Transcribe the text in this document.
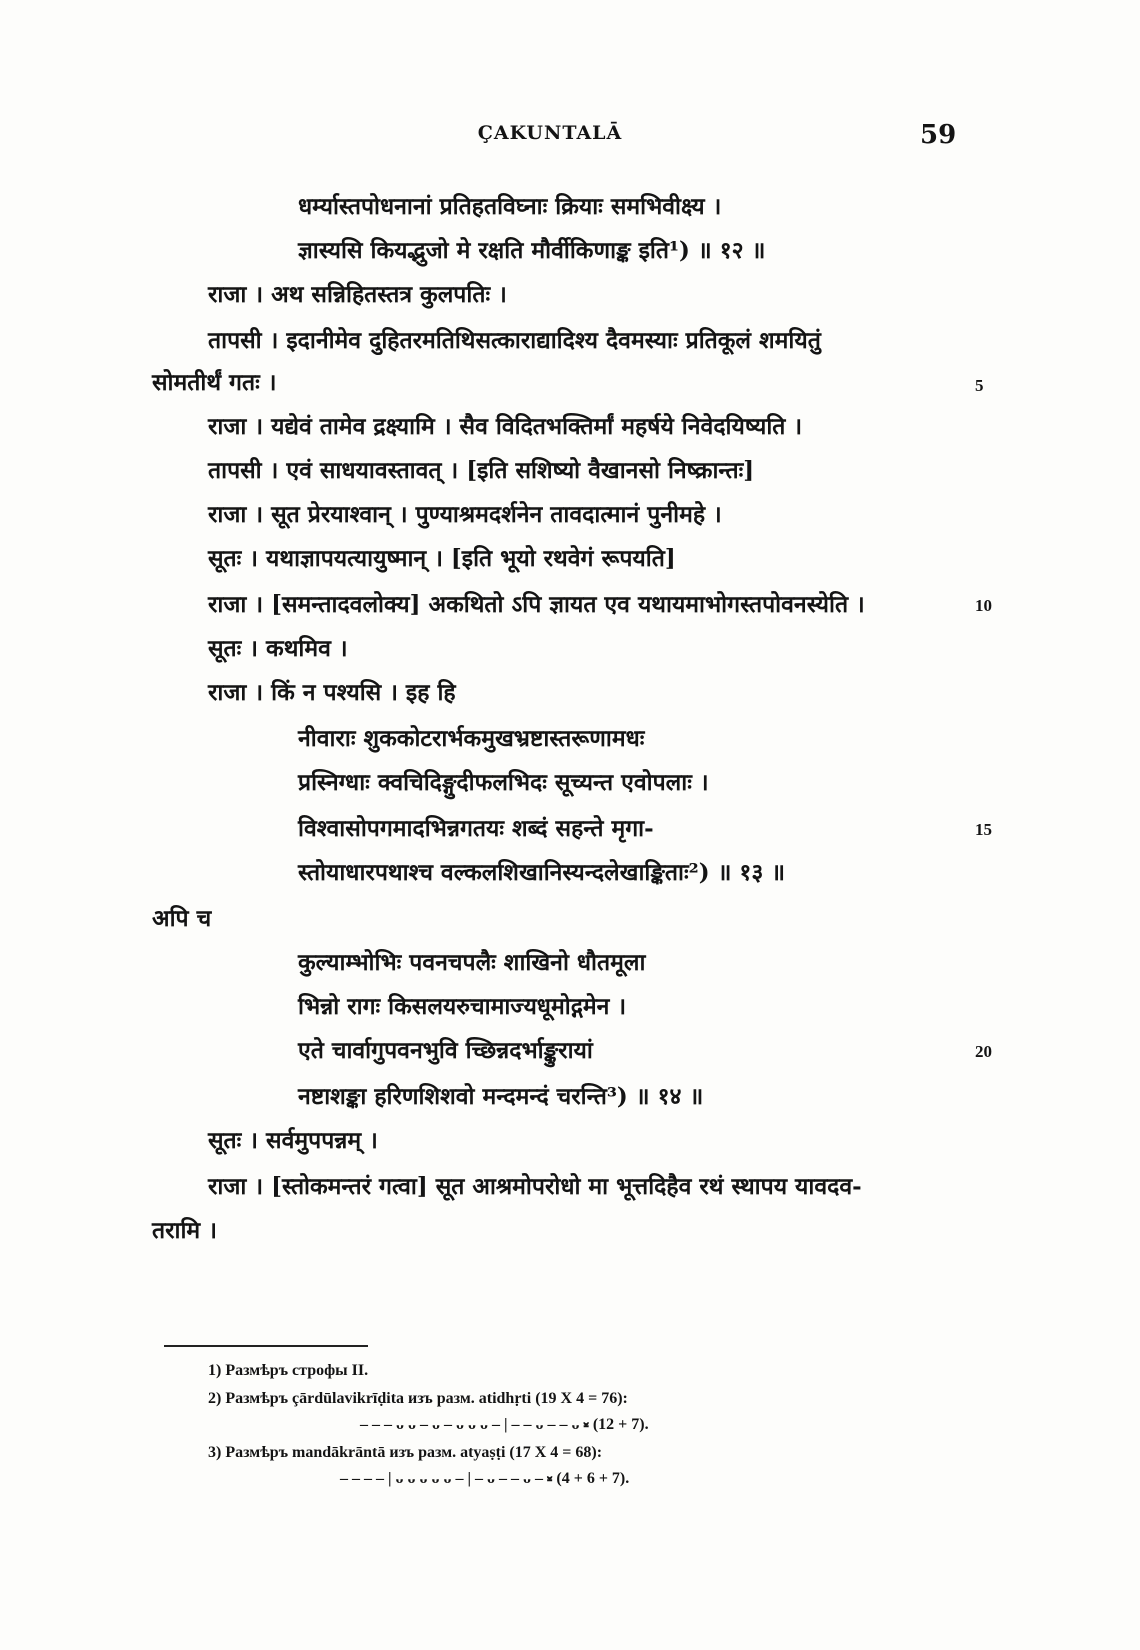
ÇAKUNTALĀ	59
धर्म्यास्तपोधनानां प्रतिहतविघ्नाः क्रियाः समभिवीक्ष्य ।
ज्ञास्यसि कियद्भुजो मे रक्षति मौर्वीकिणाङ्क इति¹) ॥ १२ ॥
राजा । अथ सन्निहितस्तत्र कुलपतिः ।
तापसी । इदानीमेव दुहितरमतिथिसत्काराद्यादिश्य दैवमस्याः प्रतिकूलं शमयितुं
सोमतीर्थं गतः ।
राजा । यद्येवं तामेव द्रक्ष्यामि । सैव विदितभक्तिर्मां महर्षये निवेदयिष्यति ।
तापसी । एवं साधयावस्तावत् । [इति सशिष्यो वैखानसो निष्क्रान्तः]
राजा । सूत प्रेरयाश्वान् । पुण्याश्रमदर्शनेन तावदात्मानं पुनीमहे ।
सूतः । यथाज्ञापयत्यायुष्मान् । [इति भूयो रथवेगं रूपयति]
राजा । [समन्तादवलोक्य] अकथितो ऽपि ज्ञायत एव यथायमाभोगस्तपोवनस्येति ।
सूतः । कथमिव ।
राजा । किं न पश्यसि । इह हि
नीवाराः शुककोटरार्भकमुखभ्रष्टास्तरूणामधः
प्रस्निग्धाः क्वचिदिङ्गुदीफलभिदः सूच्यन्त एवोपलाः ।
विश्वासोपगमादभिन्नगतयः शब्दं सहन्ते मृगा-
स्तोयाधारपथाश्च वल्कलशिखानिस्यन्दलेखाङ्किताः²) ॥ १३ ॥
अपि च
कुल्याम्भोभिः पवनचपलैः शाखिनो धौतमूला
भिन्नो रागः किसलयरुचामाज्यधूमोद्गमेन ।
एते चार्वागुपवनभुवि च्छिन्नदर्भाङ्कुरायां
नष्टाशङ्का हरिणशिशवो मन्दमन्दं चरन्ति³) ॥ १४ ॥
सूतः । सर्वमुपपन्नम् ।
राजा । [स्तोकमन्तरं गत्वा] सूत आश्रमोपरोधो मा भूत्तदिहैव रथं स्थापय यावदव-
तरामि ।
5
10
15
20
1) Размѣръ строфы II.
2) Размѣръ çārdūlavikrīḍita изъ разм. atidhṛti (19 X 4 = 76):
– – – ᴗ ᴗ – ᴗ – ᴗ ᴗ ᴗ – | – – ᴗ – – ᴗ ⏓ (12 + 7).
3) Размѣръ mandākrāntā изъ разм. atyaṣṭi (17 X 4 = 68):
– – – – | ᴗ ᴗ ᴗ ᴗ ᴗ – | – ᴗ – – ᴗ – ⏓ (4 + 6 + 7).
